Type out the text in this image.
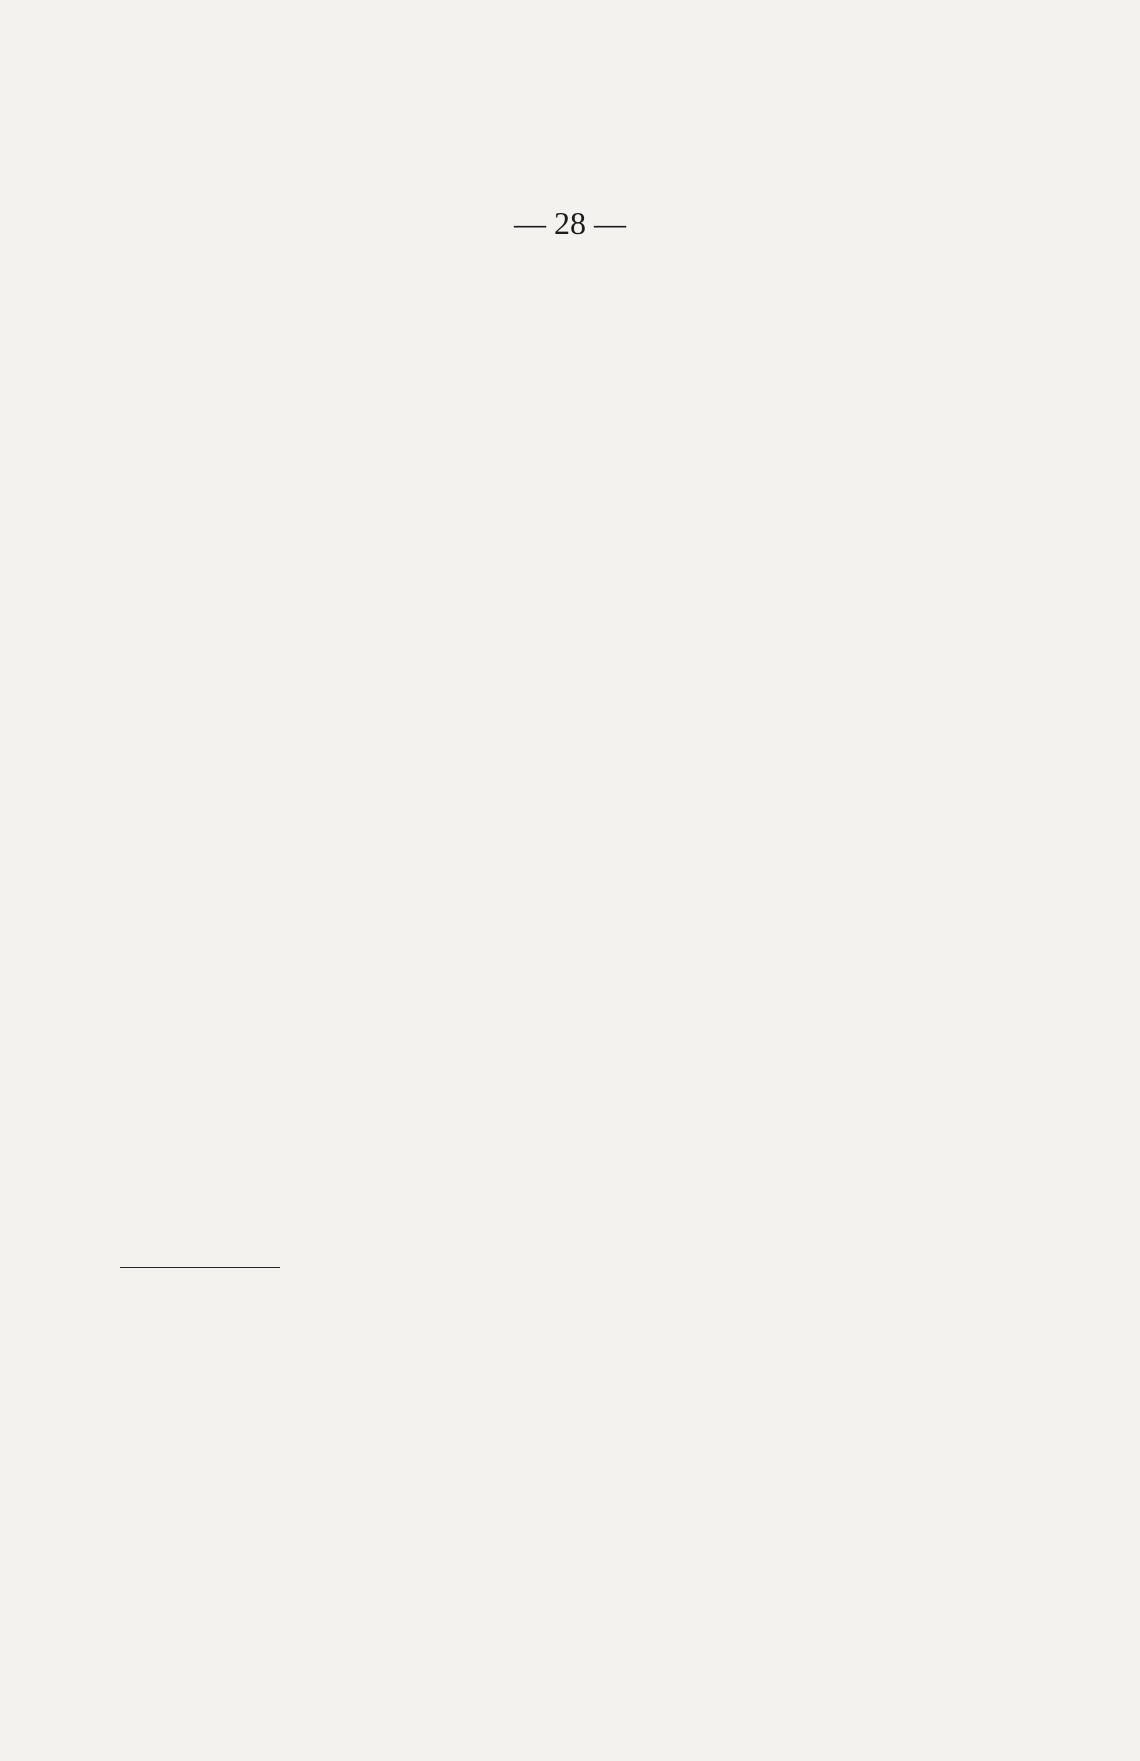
— 28 —
